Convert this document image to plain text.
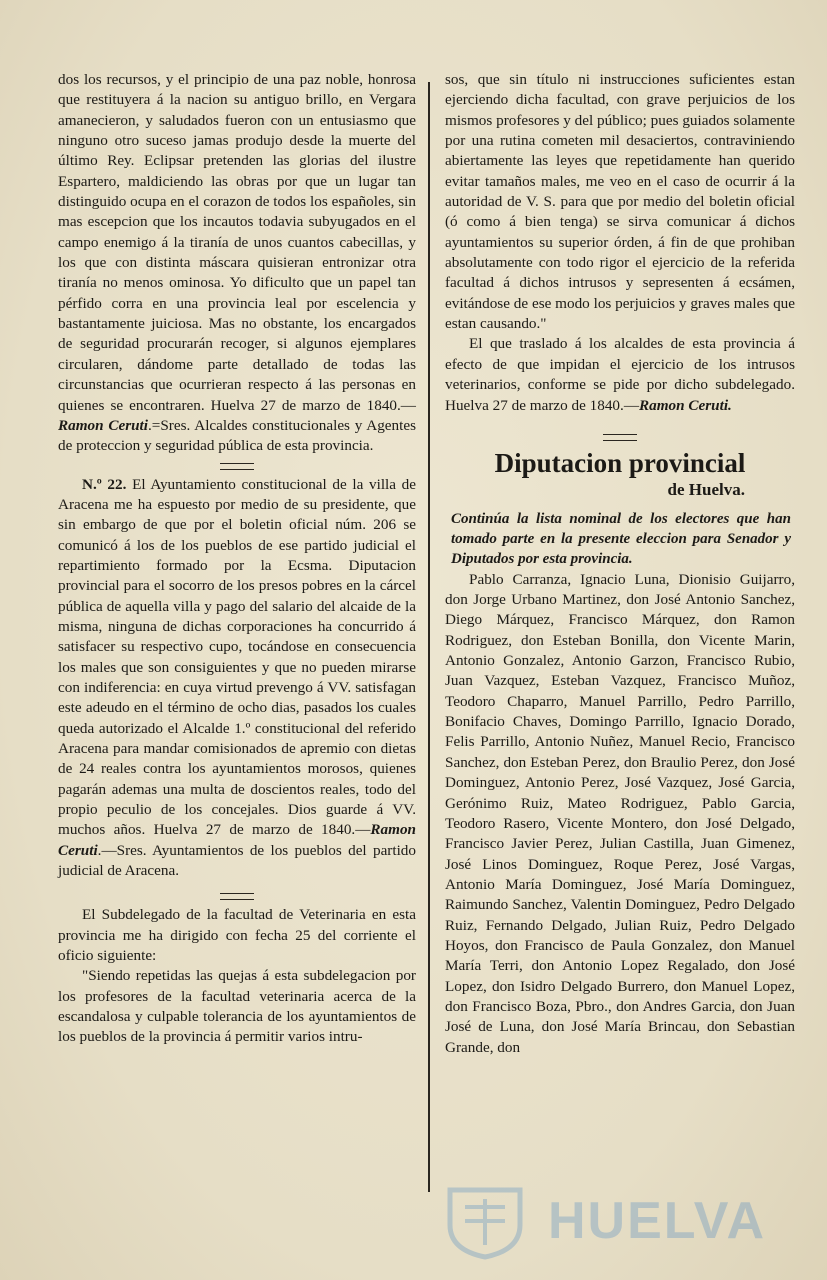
dos los recursos, y el principio de una paz noble, honrosa que restituyera á la nacion su antiguo brillo, en Vergara amanecieron, y saludados fueron con un entusiasmo que ninguno otro suceso jamas produjo desde la muerte del último Rey. Eclipsar pretenden las glorias del ilustre Espartero, maldiciendo las obras por que un lugar tan distinguido ocupa en el corazon de todos los españoles, sin mas escepcion que los incautos todavia subyugados en el campo enemigo á la tiranía de unos cuantos cabecillas, y los que con distinta máscara quisieran entronizar otra tiranía no menos ominosa. Yo dificulto que un papel tan pérfido corra en una provincia leal por escelencia y bastantamente juiciosa. Mas no obstante, los encargados de seguridad procurarán recoger, si algunos ejemplares circularen, dándome parte detallado de todas las circunstancias que ocurrieran respecto á las personas en quienes se encontraren. Huelva 27 de marzo de 1840.—Ramon Ceruti.=Sres. Alcaldes constitucionales y Agentes de proteccion y seguridad pública de esta provincia.

N.º 22. El Ayuntamiento constitucional de la villa de Aracena me ha espuesto por medio de su presidente, que sin embargo de que por el boletin oficial núm. 206 se comunicó á los de los pueblos de ese partido judicial el repartimiento formado por la Ecsma. Diputacion provincial para el socorro de los presos pobres en la cárcel pública de aquella villa y pago del salario del alcaide de la misma, ninguna de dichas corporaciones ha concurrido á satisfacer su respectivo cupo, tocándose en consecuencia los males que son consiguientes y que no pueden mirarse con indiferencia: en cuya virtud prevengo á VV. satisfagan este adeudo en el término de ocho dias, pasados los cuales queda autorizado el Alcalde 1.º constitucional del referido Aracena para mandar comisionados de apremio con dietas de 24 reales contra los ayuntamientos morosos, quienes pagarán ademas una multa de doscientos reales, todo del propio peculio de los concejales. Dios guarde á VV. muchos años. Huelva 27 de marzo de 1840.—Ramon Ceruti.—Sres. Ayuntamientos de los pueblos del partido judicial de Aracena.

El Subdelegado de la facultad de Veterinaria en esta provincia me ha dirigido con fecha 25 del corriente el oficio siguiente:

"Siendo repetidas las quejas á esta subdelegacion por los profesores de la facultad veterinaria acerca de la escandalosa y culpable tolerancia de los ayuntamientos de los pueblos de la provincia á permitir varios intru-

sos, que sin título ni instrucciones suficientes estan ejerciendo dicha facultad, con grave perjuicios de los mismos profesores y del público; pues guiados solamente por una rutina cometen mil desaciertos, contraviniendo abiertamente las leyes que repetidamente han querido evitar tamaños males, me veo en el caso de ocurrir á la autoridad de V. S. para que por medio del boletin oficial (ó como á bien tenga) se sirva comunicar á dichos ayuntamientos su superior órden, á fin de que prohiban absolutamente con todo rigor el ejercicio de la referida facultad á dichos intrusos y sepresenten á ecsámen, evitándose de ese modo los perjuicios y graves males que estan causando."

El que traslado á los alcaldes de esta provincia á efecto de que impidan el ejercicio de los intrusos veterinarios, conforme se pide por dicho subdelegado. Huelva 27 de marzo de 1840.—Ramon Ceruti.

Diputacion provincial
de Huelva.

Continúa la lista nominal de los electores que han tomado parte en la presente eleccion para Senador y Diputados por esta provincia.

Pablo Carranza, Ignacio Luna, Dionisio Guijarro, don Jorge Urbano Martinez, don José Antonio Sanchez, Diego Márquez, Francisco Márquez, don Ramon Rodriguez, don Esteban Bonilla, don Vicente Marin, Antonio Gonzalez, Antonio Garzon, Francisco Rubio, Juan Vazquez, Esteban Vazquez, Francisco Muñoz, Teodoro Chaparro, Manuel Parrillo, Pedro Parrillo, Bonifacio Chaves, Domingo Parrillo, Ignacio Dorado, Felis Parrillo, Antonio Nuñez, Manuel Recio, Francisco Sanchez, don Esteban Perez, don Braulio Perez, don José Dominguez, Antonio Perez, José Vazquez, José Garcia, Gerónimo Ruiz, Mateo Rodriguez, Pablo Garcia, Teodoro Rasero, Vicente Montero, don José Delgado, Francisco Javier Perez, Julian Castilla, Juan Gimenez, José Linos Dominguez, Roque Perez, José Vargas, Antonio María Dominguez, José María Dominguez, Raimundo Sanchez, Valentin Dominguez, Pedro Delgado Ruiz, Fernando Delgado, Julian Ruiz, Pedro Delgado Hoyos, don Francisco de Paula Gonzalez, don Manuel María Terri, don Antonio Lopez Regalado, don José Lopez, don Isidro Delgado Burrero, don Manuel Lopez, don Francisco Boza, Pbro., don Andres Garcia, don Juan José de Luna, don José María Brincau, don Sebastian Grande, don

HUELVA
